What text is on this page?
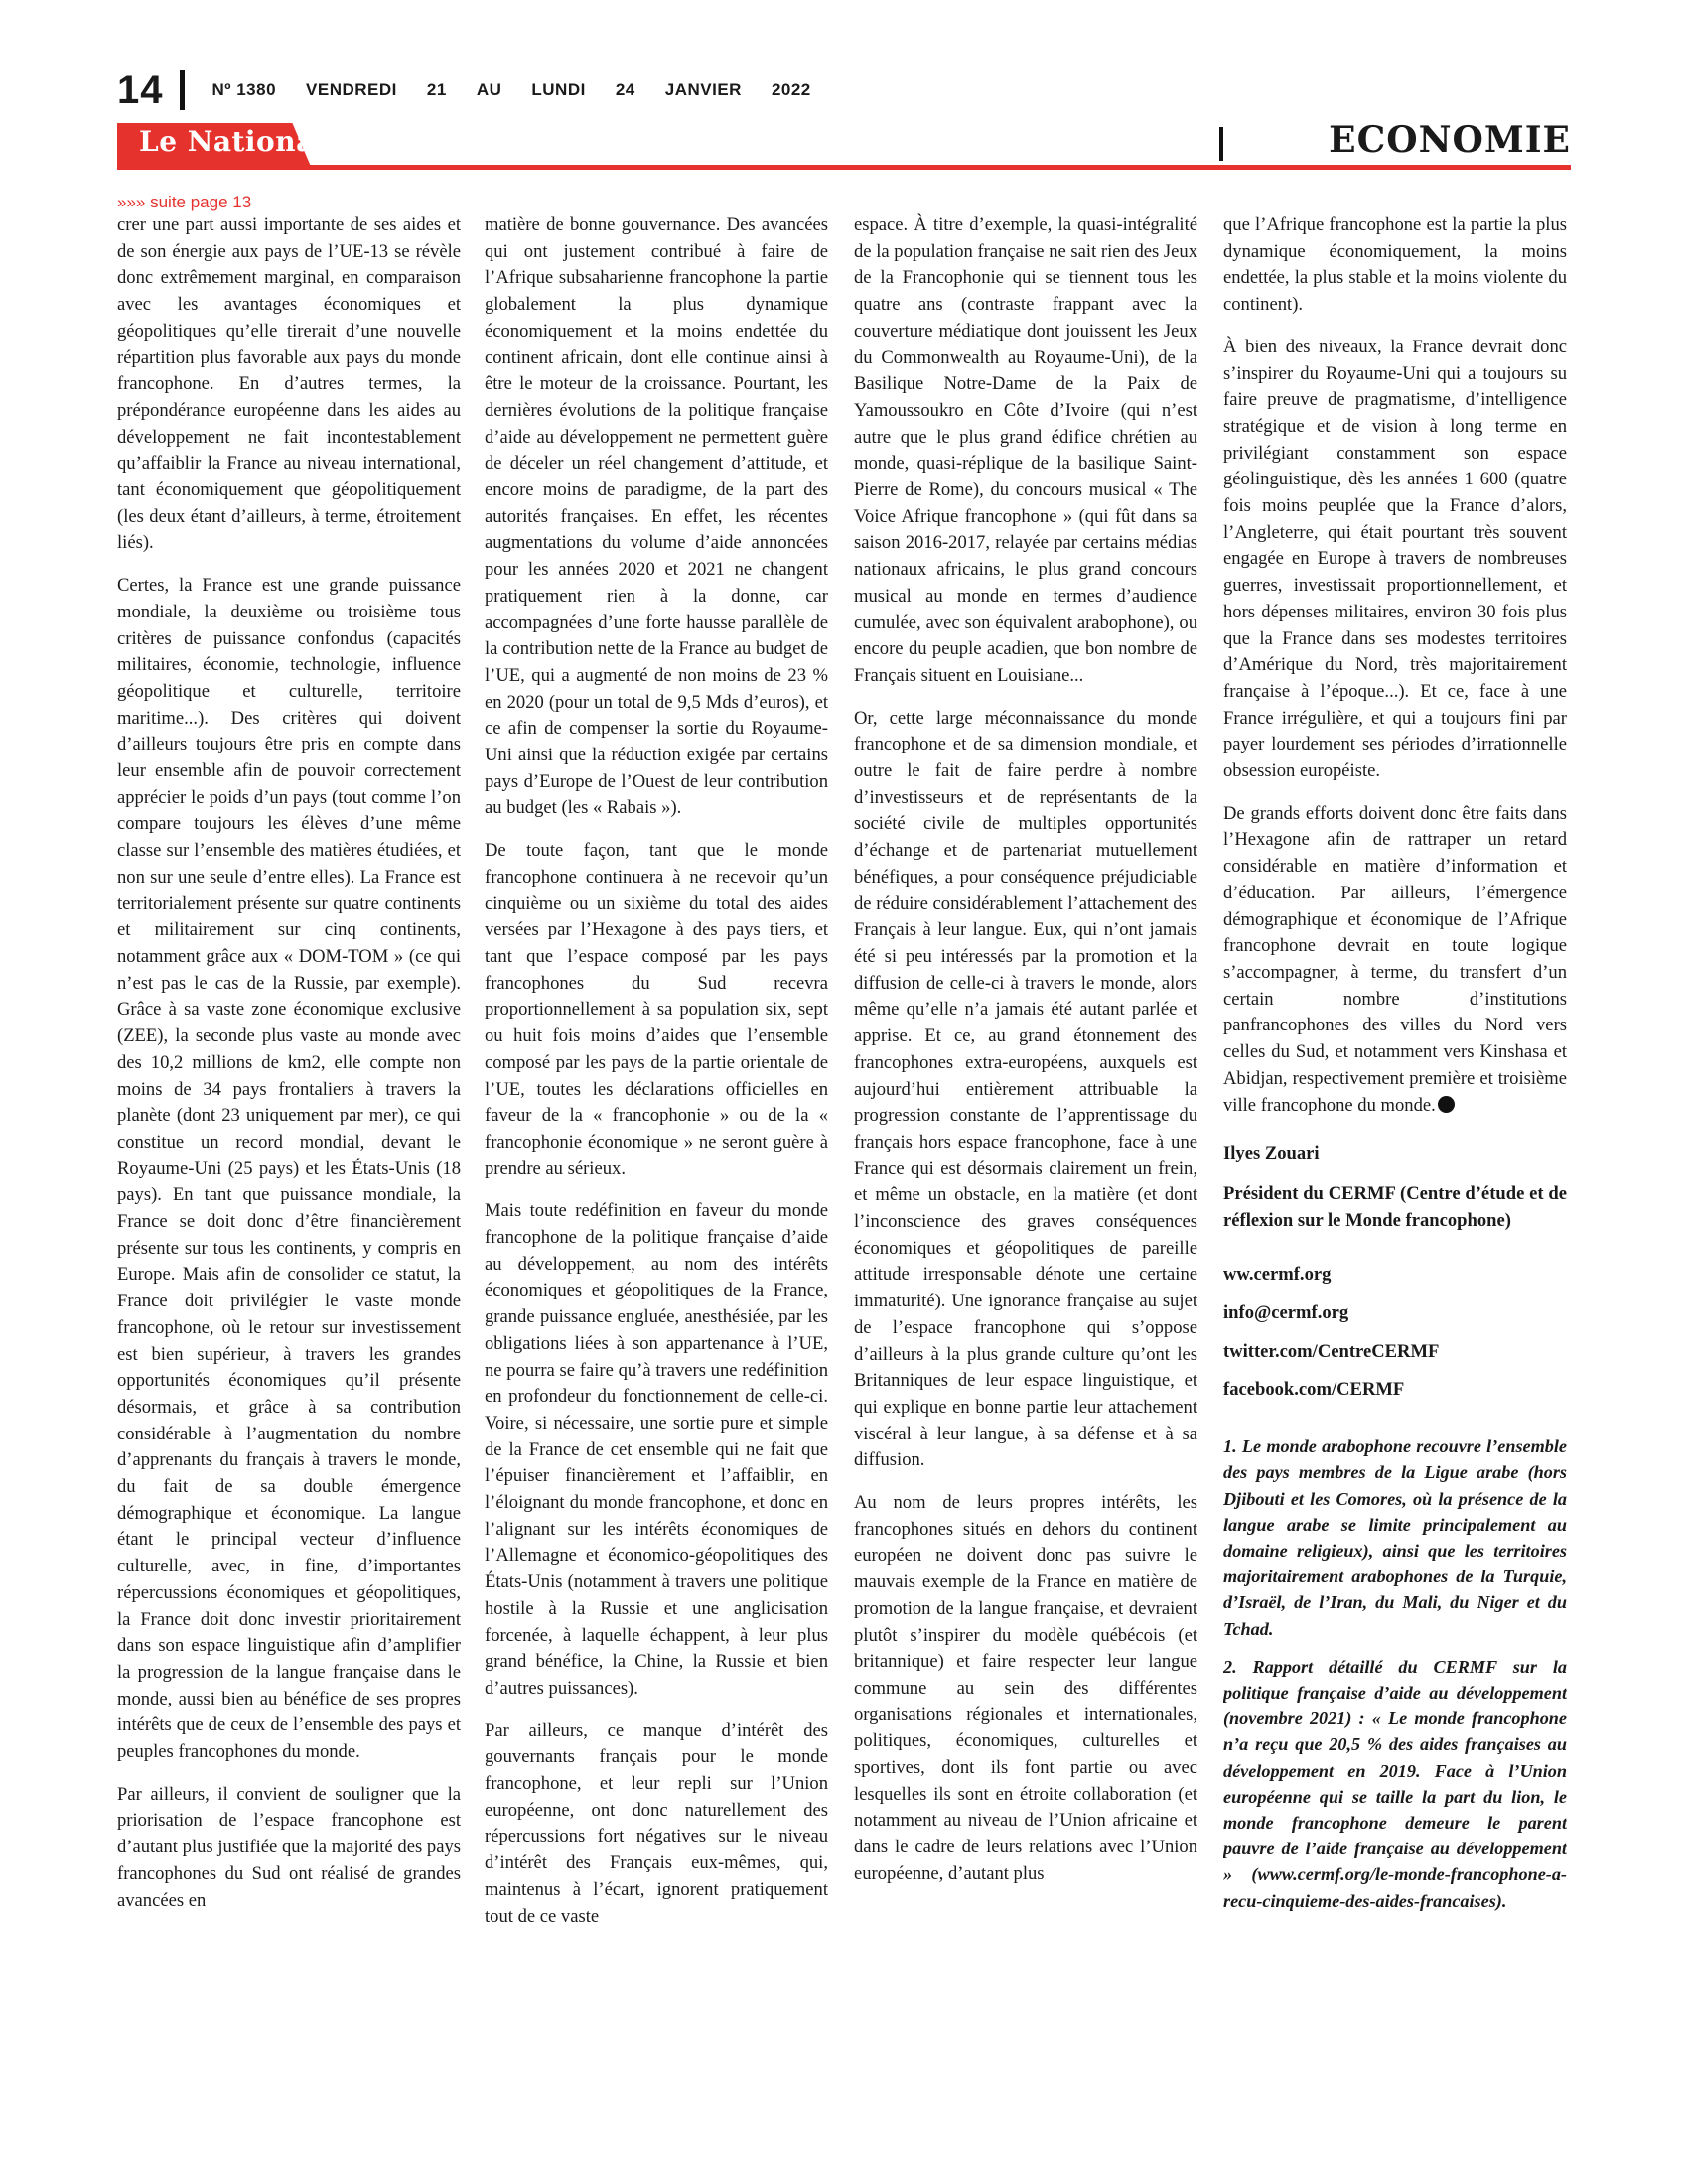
14	Nº 1380 VENDREDI 21 AU LUNDI 24 JANVIER 2022
Le National	ECONOMIE
»»» suite page 13

crer une part aussi importante de ses aides et de son énergie aux pays de l’UE-13 se révèle donc extrêmement marginal, en comparaison avec les avantages économiques et géopolitiques qu’elle tirerait d’une nouvelle répartition plus favorable aux pays du monde francophone. En d’autres termes, la prépondérance européenne dans les aides au développement ne fait incontestablement qu’affaiblir la France au niveau international, tant économiquement que géopolitiquement (les deux étant d’ailleurs, à terme, étroitement liés).

Certes, la France est une grande puissance mondiale, la deuxième ou troisième tous critères de puissance confondus (capacités militaires, économie, technologie, influence géopolitique et culturelle, territoire maritime...). Des critères qui doivent d’ailleurs toujours être pris en compte dans leur ensemble afin de pouvoir correctement apprécier le poids d’un pays (tout comme l’on compare toujours les élèves d’une même classe sur l’ensemble des matières étudiées, et non sur une seule d’entre elles). La France est territorialement présente sur quatre continents et militairement sur cinq continents, notamment grâce aux « DOM-TOM » (ce qui n’est pas le cas de la Russie, par exemple). Grâce à sa vaste zone économique exclusive (ZEE), la seconde plus vaste au monde avec des 10,2 millions de km2, elle compte non moins de 34 pays frontaliers à travers la planète (dont 23 uniquement par mer), ce qui constitue un record mondial, devant le Royaume-Uni (25 pays) et les États-Unis (18 pays). En tant que puissance mondiale, la France se doit donc d’être financièrement présente sur tous les continents, y compris en Europe. Mais afin de consolider ce statut, la France doit privilégier le vaste monde francophone, où le retour sur investissement est bien supérieur, à travers les grandes opportunités économiques qu’il présente désormais, et grâce à sa contribution considérable à l’augmentation du nombre d’apprenants du français à travers le monde, du fait de sa double émergence démographique et économique. La langue étant le principal vecteur d’influence culturelle, avec, in fine, d’importantes répercussions économiques et géopolitiques, la France doit donc investir prioritairement dans son espace linguistique afin d’amplifier la progression de la langue française dans le monde, aussi bien au bénéfice de ses propres intérêts que de ceux de l’ensemble des pays et peuples francophones du monde.

Par ailleurs, il convient de souligner que la priorisation de l’espace francophone est d’autant plus justifiée que la majorité des pays francophones du Sud ont réalisé de grandes avancées en

matière de bonne gouvernance. Des avancées qui ont justement contribué à faire de l’Afrique subsaharienne francophone la partie globalement la plus dynamique économiquement et la moins endettée du continent africain, dont elle continue ainsi à être le moteur de la croissance. Pourtant, les dernières évolutions de la politique française d’aide au développement ne permettent guère de déceler un réel changement d’attitude, et encore moins de paradigme, de la part des autorités françaises. En effet, les récentes augmentations du volume d’aide annoncées pour les années 2020 et 2021 ne changent pratiquement rien à la donne, car accompagnées d’une forte hausse parallèle de la contribution nette de la France au budget de l’UE, qui a augmenté de non moins de 23 % en 2020 (pour un total de 9,5 Mds d’euros), et ce afin de compenser la sortie du Royaume-Uni ainsi que la réduction exigée par certains pays d’Europe de l’Ouest de leur contribution au budget (les « Rabais »).

De toute façon, tant que le monde francophone continuera à ne recevoir qu’un cinquième ou un sixième du total des aides versées par l’Hexagone à des pays tiers, et tant que l’espace composé par les pays francophones du Sud recevra proportionnellement à sa population six, sept ou huit fois moins d’aides que l’ensemble composé par les pays de la partie orientale de l’UE, toutes les déclarations officielles en faveur de la « francophonie » ou de la « francophonie économique » ne seront guère à prendre au sérieux.

Mais toute redéfinition en faveur du monde francophone de la politique française d’aide au développement, au nom des intérêts économiques et géopolitiques de la France, grande puissance engluée, anesthésiée, par les obligations liées à son appartenance à l’UE, ne pourra se faire qu’à travers une redéfinition en profondeur du fonctionnement de celle-ci. Voire, si nécessaire, une sortie pure et simple de la France de cet ensemble qui ne fait que l’épuiser financièrement et l’affaiblir, en l’éloignant du monde francophone, et donc en l’alignant sur les intérêts économiques de l’Allemagne et économico-géopolitiques des États-Unis (notamment à travers une politique hostile à la Russie et une anglicisation forcenée, à laquelle échappent, à leur plus grand bénéfice, la Chine, la Russie et bien d’autres puissances).

Par ailleurs, ce manque d’intérêt des gouvernants français pour le monde francophone, et leur repli sur l’Union européenne, ont donc naturellement des répercussions fort négatives sur le niveau d’intérêt des Français eux-mêmes, qui, maintenus à l’écart, ignorent pratiquement tout de ce vaste

espace. À titre d’exemple, la quasi-intégralité de la population française ne sait rien des Jeux de la Francophonie qui se tiennent tous les quatre ans (contraste frappant avec la couverture médiatique dont jouissent les Jeux du Commonwealth au Royaume-Uni), de la Basilique Notre-Dame de la Paix de Yamoussoukro en Côte d’Ivoire (qui n’est autre que le plus grand édifice chrétien au monde, quasi-réplique de la basilique Saint-Pierre de Rome), du concours musical « The Voice Afrique francophone » (qui fût dans sa saison 2016-2017, relayée par certains médias nationaux africains, le plus grand concours musical au monde en termes d’audience cumulée, avec son équivalent arabophone), ou encore du peuple acadien, que bon nombre de Français situent en Louisiane...

Or, cette large méconnaissance du monde francophone et de sa dimension mondiale, et outre le fait de faire perdre à nombre d’investisseurs et de représentants de la société civile de multiples opportunités d’échange et de partenariat mutuellement bénéfiques, a pour conséquence préjudiciable de réduire considérablement l’attachement des Français à leur langue. Eux, qui n’ont jamais été si peu intéressés par la promotion et la diffusion de celle-ci à travers le monde, alors même qu’elle n’a jamais été autant parlée et apprise. Et ce, au grand étonnement des francophones extra-européens, auxquels est aujourd’hui entièrement attribuable la progression constante de l’apprentissage du français hors espace francophone, face à une France qui est désormais clairement un frein, et même un obstacle, en la matière (et dont l’inconscience des graves conséquences économiques et géopolitiques de pareille attitude irresponsable dénote une certaine immaturité). Une ignorance française au sujet de l’espace francophone qui s’oppose d’ailleurs à la plus grande culture qu’ont les Britanniques de leur espace linguistique, et qui explique en bonne partie leur attachement viscéral à leur langue, à sa défense et à sa diffusion.

Au nom de leurs propres intérêts, les francophones situés en dehors du continent européen ne doivent donc pas suivre le mauvais exemple de la France en matière de promotion de la langue française, et devraient plutôt s’inspirer du modèle québécois (et britannique) et faire respecter leur langue commune au sein des différentes organisations régionales et internationales, politiques, économiques, culturelles et sportives, dont ils font partie ou avec lesquelles ils sont en étroite collaboration (et notamment au niveau de l’Union africaine et dans le cadre de leurs relations avec l’Union européenne, d’autant plus

que l’Afrique francophone est la partie la plus dynamique économiquement, la moins endettée, la plus stable et la moins violente du continent).

À bien des niveaux, la France devrait donc s’inspirer du Royaume-Uni qui a toujours su faire preuve de pragmatisme, d’intelligence stratégique et de vision à long terme en privilégiant constamment son espace géolinguistique, dès les années 1 600 (quatre fois moins peuplée que la France d’alors, l’Angleterre, qui était pourtant très souvent engagée en Europe à travers de nombreuses guerres, investissait proportionnellement, et hors dépenses militaires, environ 30 fois plus que la France dans ses modestes territoires d’Amérique du Nord, très majoritairement française à l’époque...). Et ce, face à une France irrégulière, et qui a toujours fini par payer lourdement ses périodes d’irrationnelle obsession européiste.

De grands efforts doivent donc être faits dans l’Hexagone afin de rattraper un retard considérable en matière d’information et d’éducation. Par ailleurs, l’émergence démographique et économique de l’Afrique francophone devrait en toute logique s’accompagner, à terme, du transfert d’un certain nombre d’institutions panfrancophones des villes du Nord vers celles du Sud, et notamment vers Kinshasa et Abidjan, respectivement première et troisième ville francophone du monde.

Ilyes Zouari

Président du CERMF (Centre d’étude et de réflexion sur le Monde francophone)

ww.cermf.org

info@cermf.org

twitter.com/CentreCERMF

facebook.com/CERMF

1. Le monde arabophone recouvre l’ensemble des pays membres de la Ligue arabe (hors Djibouti et les Comores, où la présence de la langue arabe se limite principalement au domaine religieux), ainsi que les territoires majoritairement arabophones de la Turquie, d’Israël, de l’Iran, du Mali, du Niger et du Tchad.

2. Rapport détaillé du CERMF sur la politique française d’aide au développement (novembre 2021) : « Le monde francophone n’a reçu que 20,5 % des aides françaises au développement en 2019. Face à l’Union européenne qui se taille la part du lion, le monde francophone demeure le parent pauvre de l’aide française au développement » (www.cermf.org/le-monde-francophone-a-recu-cinquieme-des-aides-francaises).
